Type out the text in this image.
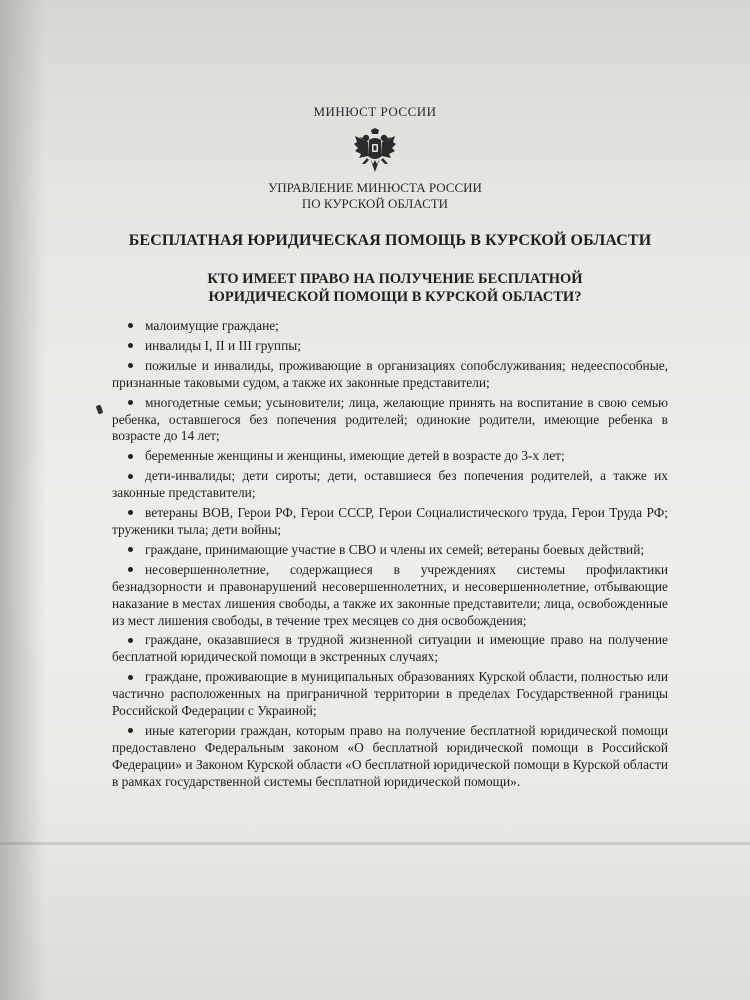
МИНЮСТ РОССИИ
УПРАВЛЕНИЕ МИНЮСТА РОССИИ
ПО КУРСКОЙ ОБЛАСТИ
БЕСПЛАТНАЯ ЮРИДИЧЕСКАЯ ПОМОЩЬ В КУРСКОЙ ОБЛАСТИ
КТО ИМЕЕТ ПРАВО НА ПОЛУЧЕНИЕ БЕСПЛАТНОЙ
ЮРИДИЧЕСКОЙ ПОМОЩИ В КУРСКОЙ ОБЛАСТИ?
малоимущие граждане;
инвалиды I, II и III группы;
пожилые и инвалиды, проживающие в организациях сопобслуживания; недееспособные, признанные таковыми судом, а также их законные представители;
многодетные семьи; усыновители; лица, желающие принять на воспитание в свою семью ребенка, оставшегося без попечения родителей; одинокие родители, имеющие ребенка в возрасте до 14 лет;
беременные женщины и женщины, имеющие детей в возрасте до 3-х лет;
дети-инвалиды; дети сироты; дети, оставшиеся без попечения родителей, а также их законные представители;
ветераны ВОВ, Герои РФ, Герои СССР, Герои Социалистического труда, Герои Труда РФ; труженики тыла; дети войны;
граждане, принимающие участие в СВО и члены их семей; ветераны боевых действий;
несовершеннолетние, содержащиеся в учреждениях системы профилактики безнадзорности и правонарушений несовершеннолетних, и несовершеннолетние, отбывающие наказание в местах лишения свободы, а также их законные представители; лица, освобожденные из мест лишения свободы, в течение трех месяцев со дня освобождения;
граждане, оказавшиеся в трудной жизненной ситуации и имеющие право на получение бесплатной юридической помощи в экстренных случаях;
граждане, проживающие в муниципальных образованиях Курской области, полностью или частично расположенных на приграничной территории в пределах Государственной границы Российской Федерации с Украиной;
иные категории граждан, которым право на получение бесплатной юридической помощи предоставлено Федеральным законом «О бесплатной юридической помощи в Российской Федерации» и Законом Курской области «О бесплатной юридической помощи в Курской области в рамках государственной системы бесплатной юридической помощи».
